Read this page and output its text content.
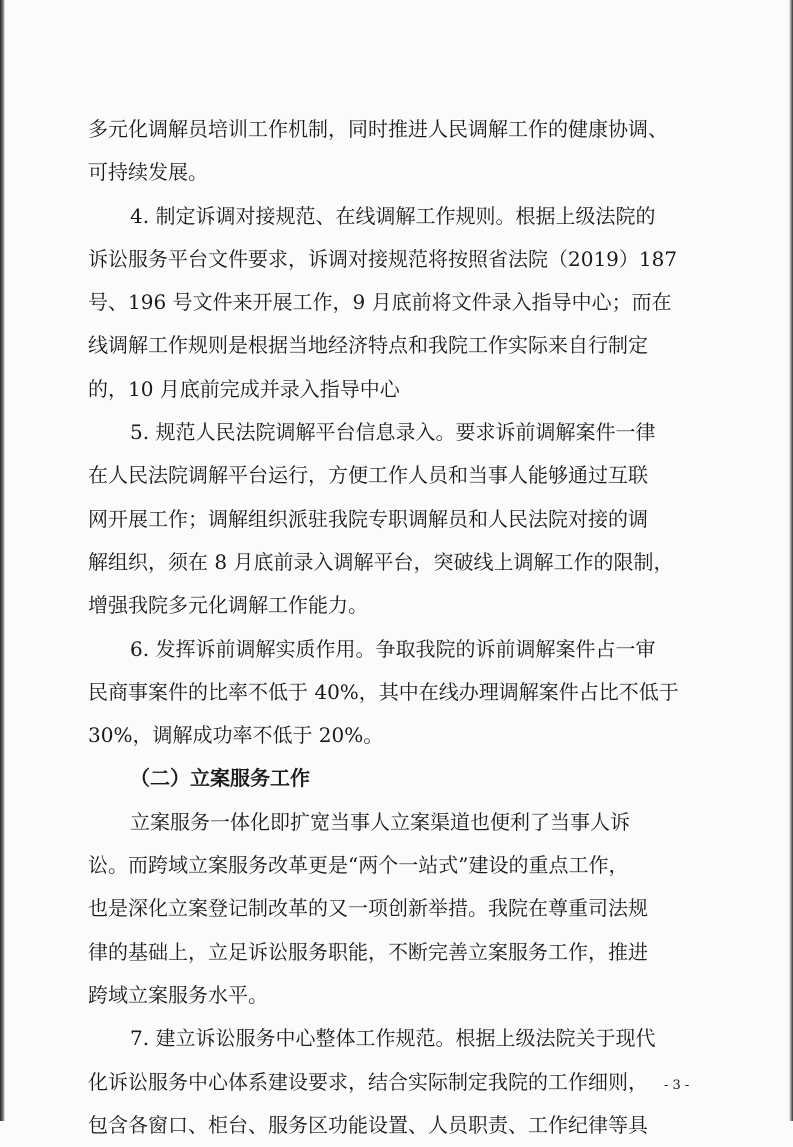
多元化调解员培训工作机制，同时推进人民调解工作的健康协调、
可持续发展。
4. 制定诉调对接规范、在线调解工作规则。根据上级法院的
诉讼服务平台文件要求，诉调对接规范将按照省法院（2019）187
号、196 号文件来开展工作，9 月底前将文件录入指导中心；而在
线调解工作规则是根据当地经济特点和我院工作实际来自行制定
的，10 月底前完成并录入指导中心
5. 规范人民法院调解平台信息录入。要求诉前调解案件一律
在人民法院调解平台运行，方便工作人员和当事人能够通过互联
网开展工作；调解组织派驻我院专职调解员和人民法院对接的调
解组织，须在 8 月底前录入调解平台，突破线上调解工作的限制，
增强我院多元化调解工作能力。
6. 发挥诉前调解实质作用。争取我院的诉前调解案件占一审
民商事案件的比率不低于 40%，其中在线办理调解案件占比不低于
30%，调解成功率不低于 20%。
（二）立案服务工作
立案服务一体化即扩宽当事人立案渠道也便利了当事人诉
讼。而跨域立案服务改革更是“两个一站式”建设的重点工作，
也是深化立案登记制改革的又一项创新举措。我院在尊重司法规
律的基础上，立足诉讼服务职能，不断完善立案服务工作，推进
跨域立案服务水平。
7. 建立诉讼服务中心整体工作规范。根据上级法院关于现代
化诉讼服务中心体系建设要求，结合实际制定我院的工作细则，
包含各窗口、柜台、服务区功能设置、人员职责、工作纪律等具
- 3 -
